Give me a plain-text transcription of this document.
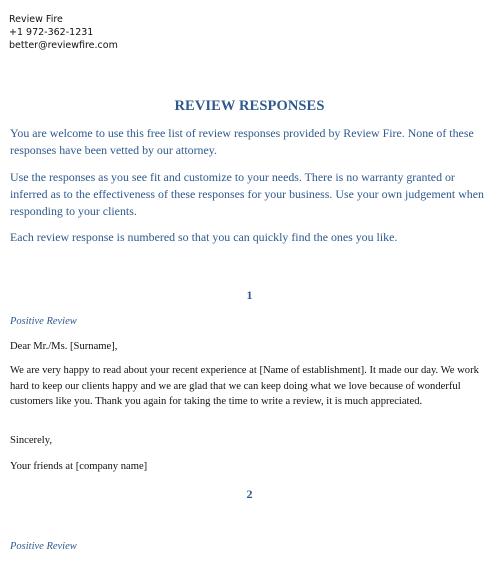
Review Fire
+1 972-362-1231
better@reviewfire.com
REVIEW RESPONSES

You are welcome to use this free list of review responses provided by Review Fire. None of these responses have been vetted by our attorney.

Use the responses as you see fit and customize to your needs. There is no warranty granted or inferred as to the effectiveness of these responses for your business. Use your own judgement when responding to your clients.

Each review response is numbered so that you can quickly find the ones you like.

1
Positive Review

Dear Mr./Ms. [Surname],

We are very happy to read about your recent experience at [Name of establishment]. It made our day. We work hard to keep our clients happy and we are glad that we can keep doing what we love because of wonderful customers like you. Thank you again for taking the time to write a review, it is much appreciated.

Sincerely,

Your friends at [company name]

2
Positive Review
